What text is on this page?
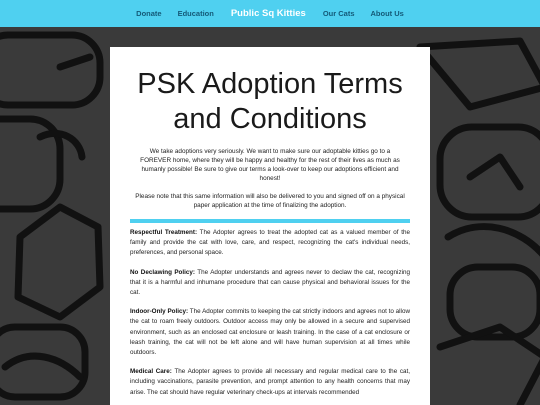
Donate Education Public Sq Kitties Our Cats About Us
PSK Adoption Terms and Conditions

We take adoptions very seriously. We want to make sure our adoptable kitties go to a FOREVER home, where they will be happy and healthy for the rest of their lives as much as humanly possible! Be sure to give our terms a look-over to keep our adoptions efficient and honest!

Please note that this same information will also be delivered to you and signed off on a physical paper application at the time of finalizing the adoption.

Respectful Treatment: The Adopter agrees to treat the adopted cat as a valued member of the family and provide the cat with love, care, and respect, recognizing the cat's individual needs, preferences, and personal space.

No Declawing Policy: The Adopter understands and agrees never to declaw the cat, recognizing that it is a harmful and inhumane procedure that can cause physical and behavioral issues for the cat.

Indoor-Only Policy: The Adopter commits to keeping the cat strictly indoors and agrees not to allow the cat to roam freely outdoors. Outdoor access may only be allowed in a secure and supervised environment, such as an enclosed cat enclosure or leash training. In the case of a cat enclosure or leash training, the cat will not be left alone and will have human supervision at all times while outdoors.

Medical Care: The Adopter agrees to provide all necessary and regular medical care to the cat, including vaccinations, parasite prevention, and prompt attention to any health concerns that may arise. The cat should have regular veterinary check-ups at intervals recommended
